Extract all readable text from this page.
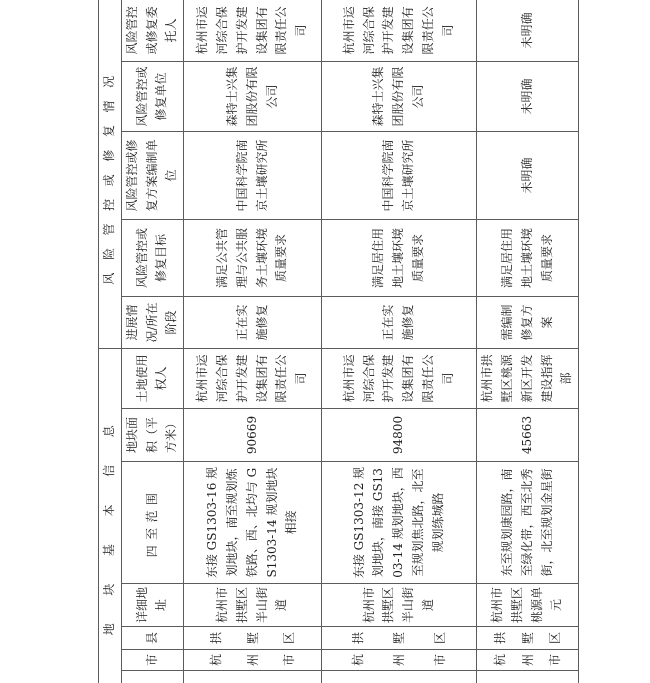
地块基本信息							风险管控或修复情况				
	市	县	详细地址	四至范围	地块面积（平方米）	土地使用权人	进展情况/所在阶段	风险管控或修复目标	风险管控或修复方案编制单位	风险管控或修复单位	风险管控或修复委托人

	杭 州 市	拱 墅 区	杭州市拱墅区半山街道	东接 GS1303-16 规划地块，南至规划炼铁路、西、北均与 GS1303-14 规划地块相接	90669	杭州市运河综合保护开发建设集团有限责任公司	正在实施修复	满足公共管理与公共服务土壤环境质量要求	中国科学院南京土壤研究所	森特士兴集团股份有限公司	杭州市运河综合保护开发建设集团有限责任公司

	杭 州 市	拱 墅 区	杭州市拱墅区半山街道	东接 GS1303-12 规划地块，南接 GS1303-14 规划地块，西至规划焦北路，北至规划练城路	94800	杭州市运河综合保护开发建设集团有限责任公司	正在实施修复	满足居住用地土壤环境质量要求	中国科学院南京土壤研究所	森特士兴集团股份有限公司	杭州市运河综合保护开发建设集团有限责任公司

	杭 州 市	拱 墅 区	杭州市拱墅区桃源单元	东至规划康园路，南至绿化带，西至北秀街，北至规划金星街	45663	杭州市拱墅区桃源新区开发建设指挥部	需编制修复方案	满足居住用地土壤环境质量要求	未明确	未明确	未明确
